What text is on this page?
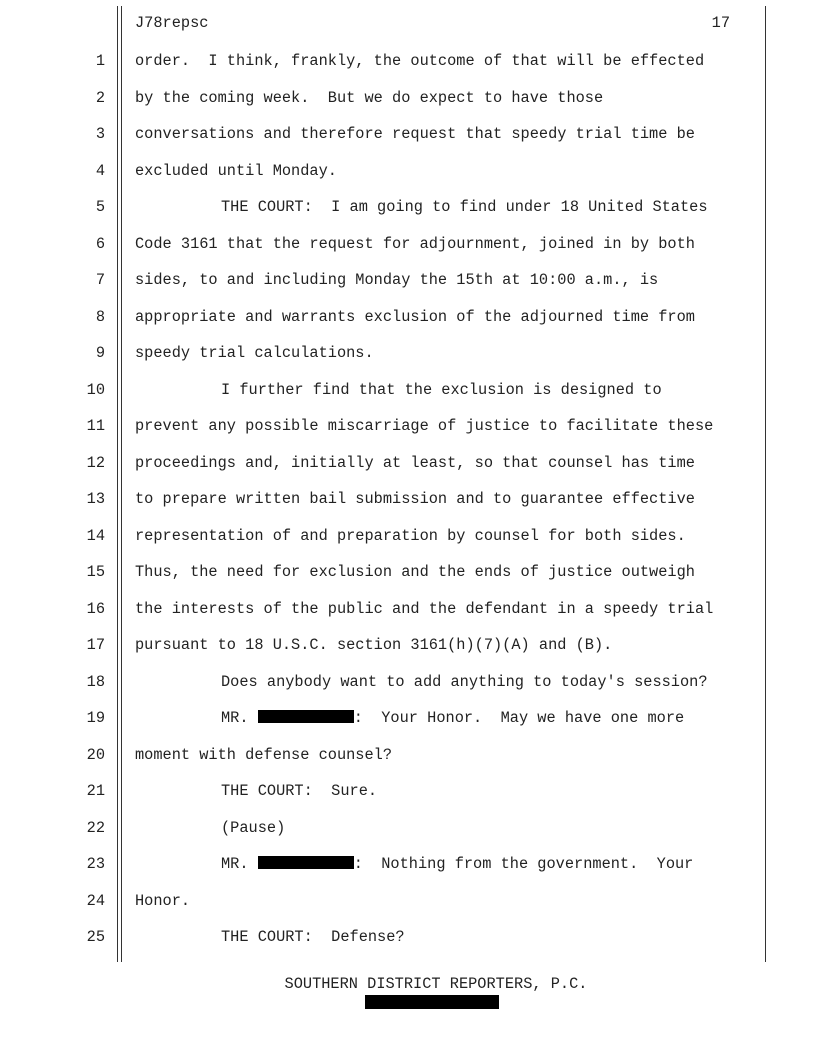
J78repsc	17
1 order.  I think, frankly, the outcome of that will be effected
2 by the coming week.  But we do expect to have those
3 conversations and therefore request that speedy trial time be
4 excluded until Monday.
5	THE COURT:  I am going to find under 18 United States
6 Code 3161 that the request for adjournment, joined in by both
7 sides, to and including Monday the 15th at 10:00 a.m., is
8 appropriate and warrants exclusion of the adjourned time from
9 speedy trial calculations.
10	I further find that the exclusion is designed to
11 prevent any possible miscarriage of justice to facilitate these
12 proceedings and, initially at least, so that counsel has time
13 to prepare written bail submission and to guarantee effective
14 representation of and preparation by counsel for both sides.
15 Thus, the need for exclusion and the ends of justice outweigh
16 the interests of the public and the defendant in a speedy trial
17 pursuant to 18 U.S.C. section 3161(h)(7)(A) and (B).
18	Does anybody want to add anything to today's session?
19	MR.	:  Your Honor.  May we have one more
20 moment with defense counsel?
21	THE COURT:  Sure.
22	(Pause)
23	MR.	:  Nothing from the government.  Your
24 Honor.
25	THE COURT:  Defense?
SOUTHERN DISTRICT REPORTERS, P.C.
